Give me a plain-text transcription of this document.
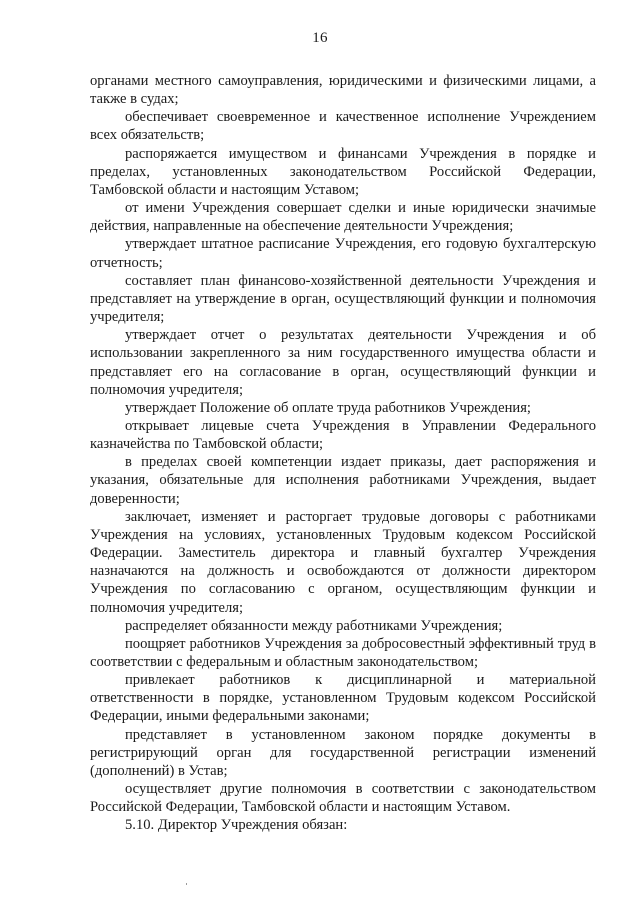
16

органами местного самоуправления, юридическими и физическими лицами, а также в судах;

обеспечивает своевременное и качественное исполнение Учреждением всех обязательств;

распоряжается имуществом и финансами Учреждения в порядке и пределах, установленных законодательством Российской Федерации, Тамбовской области и настоящим Уставом;

от имени Учреждения совершает сделки и иные юридически значимые действия, направленные на обеспечение деятельности Учреждения;

утверждает штатное расписание Учреждения, его годовую бухгалтерскую отчетность;

составляет план финансово-хозяйственной деятельности Учреждения и представляет на утверждение в орган, осуществляющий функции и полномочия учредителя;

утверждает отчет о результатах деятельности Учреждения и об использовании закрепленного за ним государственного имущества области и представляет его на согласование в орган, осуществляющий функции и полномочия учредителя;

утверждает Положение об оплате труда работников Учреждения;

открывает лицевые счета Учреждения в Управлении Федерального казначейства по Тамбовской области;

в пределах своей компетенции издает приказы, дает распоряжения и указания, обязательные для исполнения работниками Учреждения, выдает доверенности;

заключает, изменяет и расторгает трудовые договоры с работниками Учреждения на условиях, установленных Трудовым кодексом Российской Федерации. Заместитель директора и главный бухгалтер Учреждения назначаются на должность и освобождаются от должности директором Учреждения по согласованию с органом, осуществляющим функции и полномочия учредителя;

распределяет обязанности между работниками Учреждения;

поощряет работников Учреждения за добросовестный эффективный труд в соответствии с федеральным и областным законодательством;

привлекает работников к дисциплинарной и материальной ответственности в порядке, установленном Трудовым кодексом Российской Федерации, иными федеральными законами;

представляет в установленном законом порядке документы в регистрирующий орган для государственной регистрации изменений (дополнений) в Устав;

осуществляет другие полномочия в соответствии с законодательством Российской Федерации, Тамбовской области и настоящим Уставом.

5.10. Директор Учреждения обязан:
